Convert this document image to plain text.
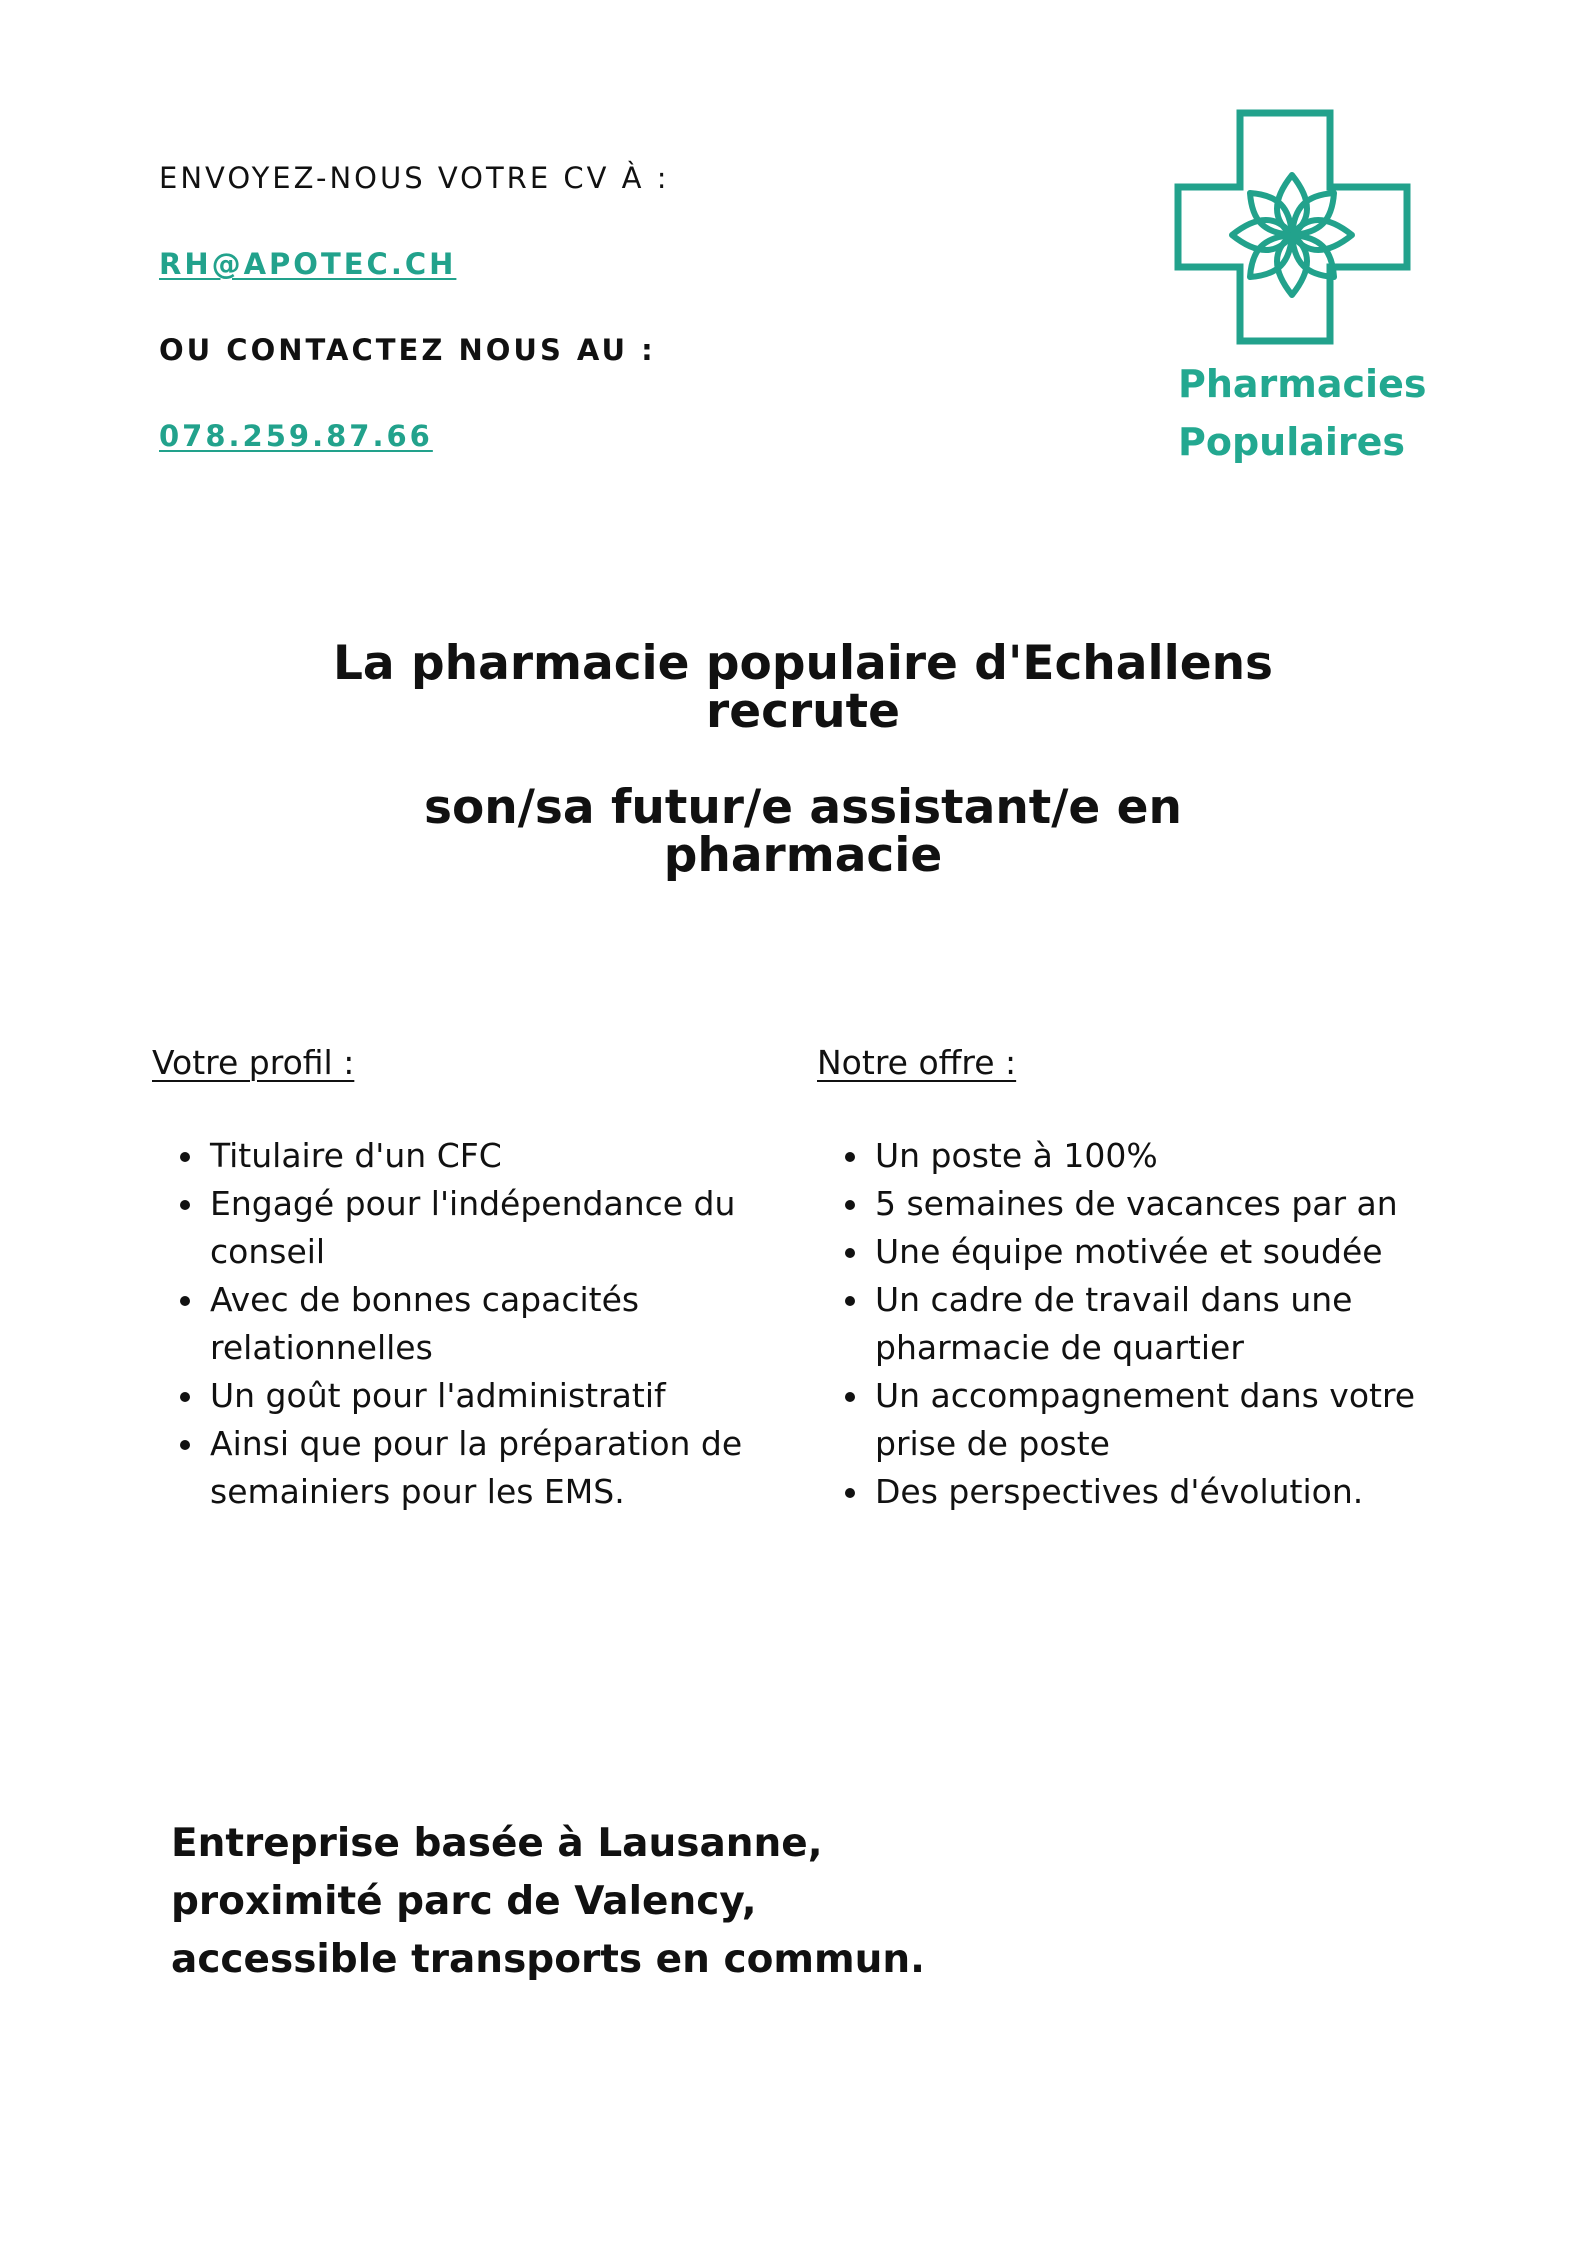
ENVOYEZ-NOUS VOTRE CV À :
RH@APOTEC.CH
OU CONTACTEZ NOUS AU :
078.259.87.66
Pharmacies
Populaires
La pharmacie populaire d'Echallens
recrute
son/sa futur/e assistant/e en
pharmacie
Votre profil :
Titulaire d'un CFC
Engagé pour l'indépendance du conseil
Avec de bonnes capacités relationnelles
Un goût pour l'administratif
Ainsi que pour la préparation de semainiers pour les EMS.
Notre offre :
Un poste à 100%
5 semaines de vacances par an
Une équipe motivée et soudée
Un cadre de travail dans une pharmacie de quartier
Un accompagnement dans votre prise de poste
Des perspectives d'évolution.
Entreprise basée à Lausanne,
proximité parc de Valency,
accessible transports en commun.
